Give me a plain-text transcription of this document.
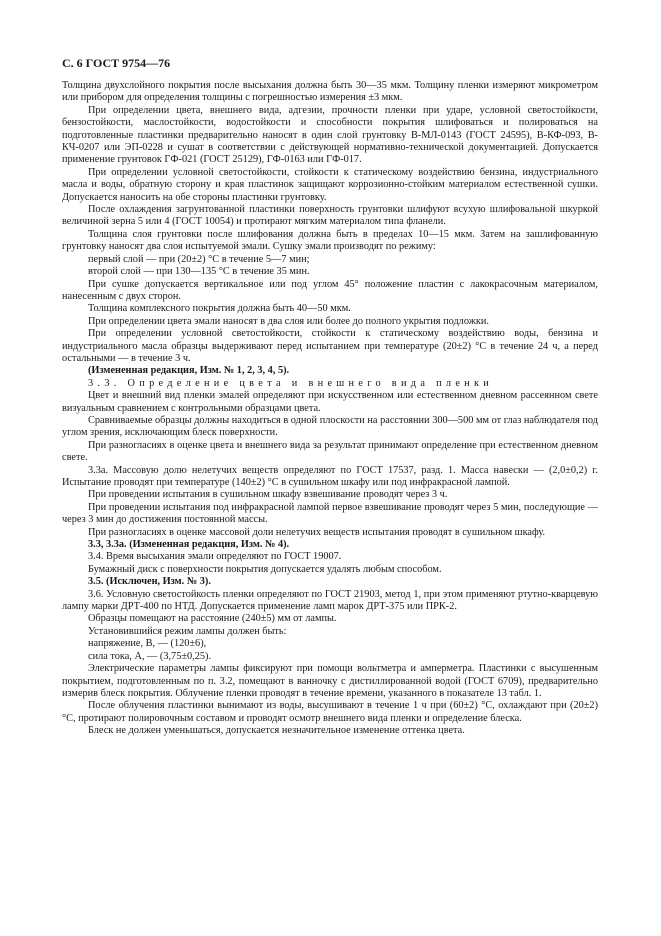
С. 6 ГОСТ 9754—76

Толщина двухслойного покрытия после высыхания должна быть 30—35 мкм. Толщину пленки измеряют микрометром или прибором для определения толщины с погрешностью измерения ±3 мкм.

При определении цвета, внешнего вида, адгезии, прочности пленки при ударе, условной светостойкости, бензостойкости, маслостойкости, водостойкости и способности покрытия шлифоваться и полироваться на подготовленные пластинки предварительно наносят в один слой грунтовку В-МЛ-0143 (ГОСТ 24595), В-КФ-093, В-КЧ-0207 или ЭП-0228 и сушат в соответствии с действующей нормативно-технической документацией. Допускается применение грунтовок ГФ-021 (ГОСТ 25129), ГФ-0163 или ГФ-017.

При определении условной светостойкости, стойкости к статическому воздействию бензина, индустриального масла и воды, обратную сторону и края пластинок защищают коррозионно-стойким материалом естественной сушки. Допускается наносить на обе стороны пластинки грунтовку.

После охлаждения загрунтованной пластинки поверхность грунтовки шлифуют всухую шлифовальной шкуркой величиной зерна 5 или 4 (ГОСТ 10054) и протирают мягким материалом типа фланели.

Толщина слоя грунтовки после шлифования должна быть в пределах 10—15 мкм. Затем на зашлифованную грунтовку наносят два слоя испытуемой эмали. Сушку эмали производят по режиму:

первый слой — при (20±2) °С в течение 5—7 мин;

второй слой — при 130—135 °С в течение 35 мин.

При сушке допускается вертикальное или под углом 45° положение пластин с лакокрасочным материалом, нанесенным с двух сторон.

Толщина комплексного покрытия должна быть 40—50 мкм.

При определении цвета эмали наносят в два слоя или более до полного укрытия подложки.

При определении условной светостойкости, стойкости к статическому воздействию воды, бензина и индустриального масла образцы выдерживают перед испытанием при температуре (20±2) °С в течение 24 ч, а перед остальными — в течение 3 ч.

(Измененная редакция, Изм. № 1, 2, 3, 4, 5).

3.3. Определение цвета и внешнего вида пленки

Цвет и внешний вид пленки эмалей определяют при искусственном или естественном дневном рассеянном свете визуальным сравнением с контрольными образцами цвета.

Сравниваемые образцы должны находиться в одной плоскости на расстоянии 300—500 мм от глаз наблюдателя под углом зрения, исключающим блеск поверхности.

При разногласиях в оценке цвета и внешнего вида за результат принимают определение при естественном дневном свете.

3.3а. Массовую долю нелетучих веществ определяют по ГОСТ 17537, разд. 1. Масса навески — (2,0±0,2) г. Испытание проводят при температуре (140±2) °С в сушильном шкафу или под инфракрасной лампой.

При проведении испытания в сушильном шкафу взвешивание проводят через 3 ч.

При проведении испытания под инфракрасной лампой первое взвешивание проводят через 5 мин, последующие — через 3 мин до достижения постоянной массы.

При разногласиях в оценке массовой доли нелетучих веществ испытания проводят в сушильном шкафу.

3.3, 3.3а. (Измененная редакция, Изм. № 4).

3.4. Время высыхания эмали определяют по ГОСТ 19007.

Бумажный диск с поверхности покрытия допускается удалять любым способом.

3.5. (Исключен, Изм. № 3).

3.6. Условную светостойкость пленки определяют по ГОСТ 21903, метод 1, при этом применяют ртутно-кварцевую лампу марки ДРТ-400 по НТД. Допускается применение ламп марок ДРТ-375 или ПРК-2.

Образцы помещают на расстояние (240±5) мм от лампы.

Установившийся режим лампы должен быть:

напряжение, В, — (120±6),

сила тока, А, — (3,75±0,25).

Электрические параметры лампы фиксируют при помощи вольтметра и амперметра. Пластинки с высушенным покрытием, подготовленным по п. 3.2, помещают в ванночку с дистиллированной водой (ГОСТ 6709), предварительно измерив блеск покрытия. Облучение пленки проводят в течение времени, указанного в показателе 13 табл. 1.

После облучения пластинки вынимают из воды, высушивают в течение 1 ч при (60±2) °С, охлаждают при (20±2) °С, протирают полировочным составом и проводят осмотр внешнего вида пленки и определение блеска.

Блеск не должен уменьшаться, допускается незначительное изменение оттенка цвета.
